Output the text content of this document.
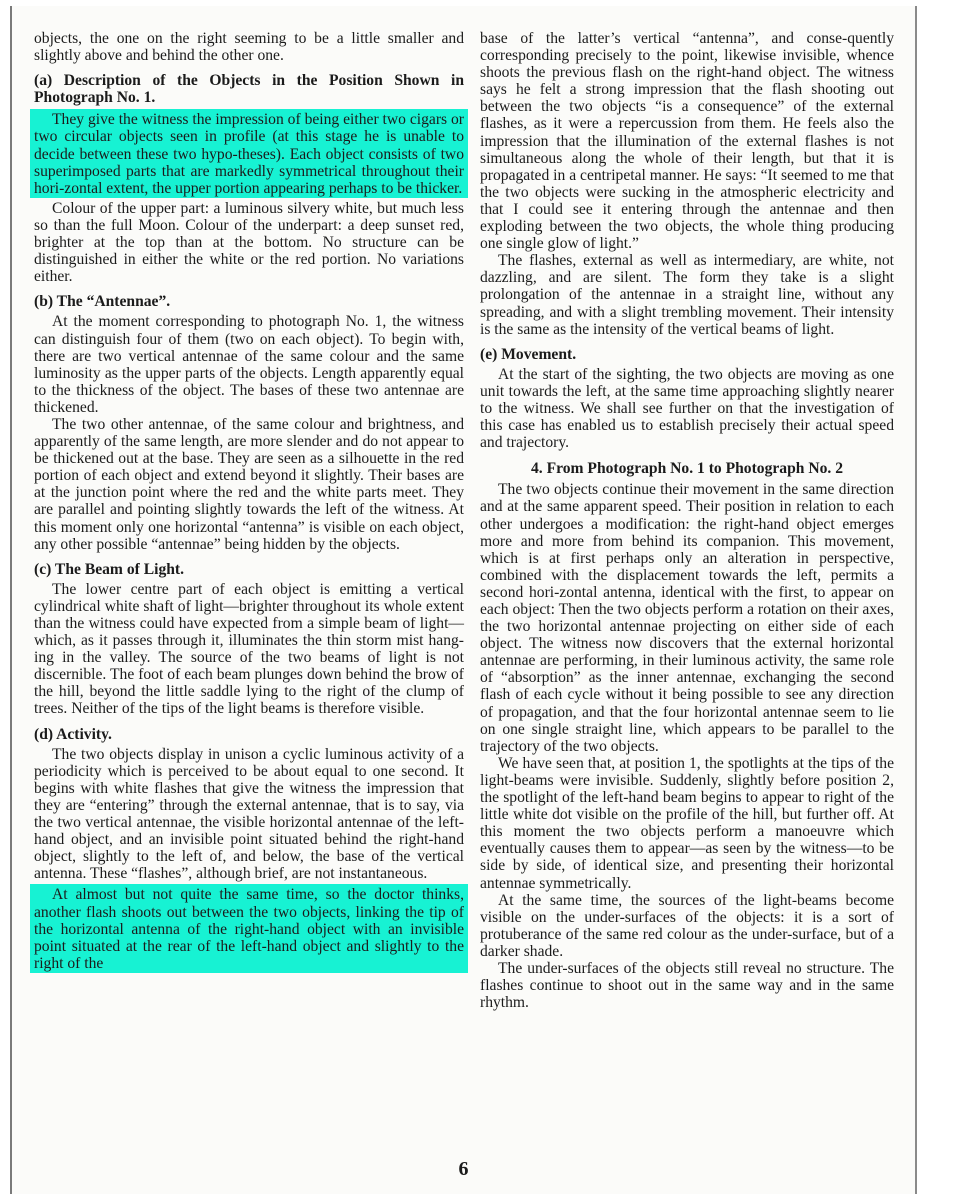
objects, the one on the right seeming to be a little smaller and slightly above and behind the other one.

(a) Description of the Objects in the Position Shown in Photograph No. 1.

They give the witness the impression of being either two cigars or two circular objects seen in profile (at this stage he is unable to decide between these two hypo-theses). Each object consists of two superimposed parts that are markedly symmetrical throughout their hori-zontal extent, the upper portion appearing perhaps to be thicker.

Colour of the upper part: a luminous silvery white, but much less so than the full Moon. Colour of the underpart: a deep sunset red, brighter at the top than at the bottom. No structure can be distinguished in either the white or the red portion. No variations either.

(b) The “Antennae”.

At the moment corresponding to photograph No. 1, the witness can distinguish four of them (two on each object). To begin with, there are two vertical antennae of the same colour and the same luminosity as the upper parts of the objects. Length apparently equal to the thickness of the object. The bases of these two antennae are thickened.

The two other antennae, of the same colour and brightness, and apparently of the same length, are more slender and do not appear to be thickened out at the base. They are seen as a silhouette in the red portion of each object and extend beyond it slightly. Their bases are at the junction point where the red and the white parts meet. They are parallel and pointing slightly towards the left of the witness. At this moment only one horizontal “antenna” is visible on each object, any other possible “antennae” being hidden by the objects.

(c) The Beam of Light.

The lower centre part of each object is emitting a vertical cylindrical white shaft of light—brighter throughout its whole extent than the witness could have expected from a simple beam of light—which, as it passes through it, illuminates the thin storm mist hang-ing in the valley. The source of the two beams of light is not discernible. The foot of each beam plunges down behind the brow of the hill, beyond the little saddle lying to the right of the clump of trees. Neither of the tips of the light beams is therefore visible.

(d) Activity.

The two objects display in unison a cyclic luminous activity of a periodicity which is perceived to be about equal to one second. It begins with white flashes that give the witness the impression that they are “entering” through the external antennae, that is to say, via the two vertical antennae, the visible horizontal antennae of the left-hand object, and an invisible point situated behind the right-hand object, slightly to the left of, and below, the base of the vertical antenna. These “flashes”, although brief, are not instantaneous.

At almost but not quite the same time, so the doctor thinks, another flash shoots out between the two objects, linking the tip of the horizontal antenna of the right-hand object with an invisible point situated at the rear of the left-hand object and slightly to the right of the

base of the latter’s vertical “antenna”, and conse-quently corresponding precisely to the point, likewise invisible, whence shoots the previous flash on the right-hand object. The witness says he felt a strong impression that the flash shooting out between the two objects “is a consequence” of the external flashes, as it were a repercussion from them. He feels also the impression that the illumination of the external flashes is not simultaneous along the whole of their length, but that it is propagated in a centripetal manner. He says: “It seemed to me that the two objects were sucking in the atmospheric electricity and that I could see it entering through the antennae and then exploding between the two objects, the whole thing producing one single glow of light.”

The flashes, external as well as intermediary, are white, not dazzling, and are silent. The form they take is a slight prolongation of the antennae in a straight line, without any spreading, and with a slight trembling movement. Their intensity is the same as the intensity of the vertical beams of light.

(e) Movement.

At the start of the sighting, the two objects are moving as one unit towards the left, at the same time approaching slightly nearer to the witness. We shall see further on that the investigation of this case has enabled us to establish precisely their actual speed and trajectory.

4. From Photograph No. 1 to Photograph No. 2

The two objects continue their movement in the same direction and at the same apparent speed. Their position in relation to each other undergoes a modification: the right-hand object emerges more and more from behind its companion. This movement, which is at first perhaps only an alteration in perspective, combined with the displacement towards the left, permits a second hori-zontal antenna, identical with the first, to appear on each object: Then the two objects perform a rotation on their axes, the two horizontal antennae projecting on either side of each object. The witness now discovers that the external horizontal antennae are performing, in their luminous activity, the same role of “absorption” as the inner antennae, exchanging the second flash of each cycle without it being possible to see any direction of propagation, and that the four horizontal antennae seem to lie on one single straight line, which appears to be parallel to the trajectory of the two objects.

We have seen that, at position 1, the spotlights at the tips of the light-beams were invisible. Suddenly, slightly before position 2, the spotlight of the left-hand beam begins to appear to right of the little white dot visible on the profile of the hill, but further off. At this moment the two objects perform a manoeuvre which eventually causes them to appear—as seen by the witness—to be side by side, of identical size, and presenting their horizontal antennae symmetrically.

At the same time, the sources of the light-beams become visible on the under-surfaces of the objects: it is a sort of protuberance of the same red colour as the under-surface, but of a darker shade.

The under-surfaces of the objects still reveal no structure. The flashes continue to shoot out in the same way and in the same rhythm.

6
